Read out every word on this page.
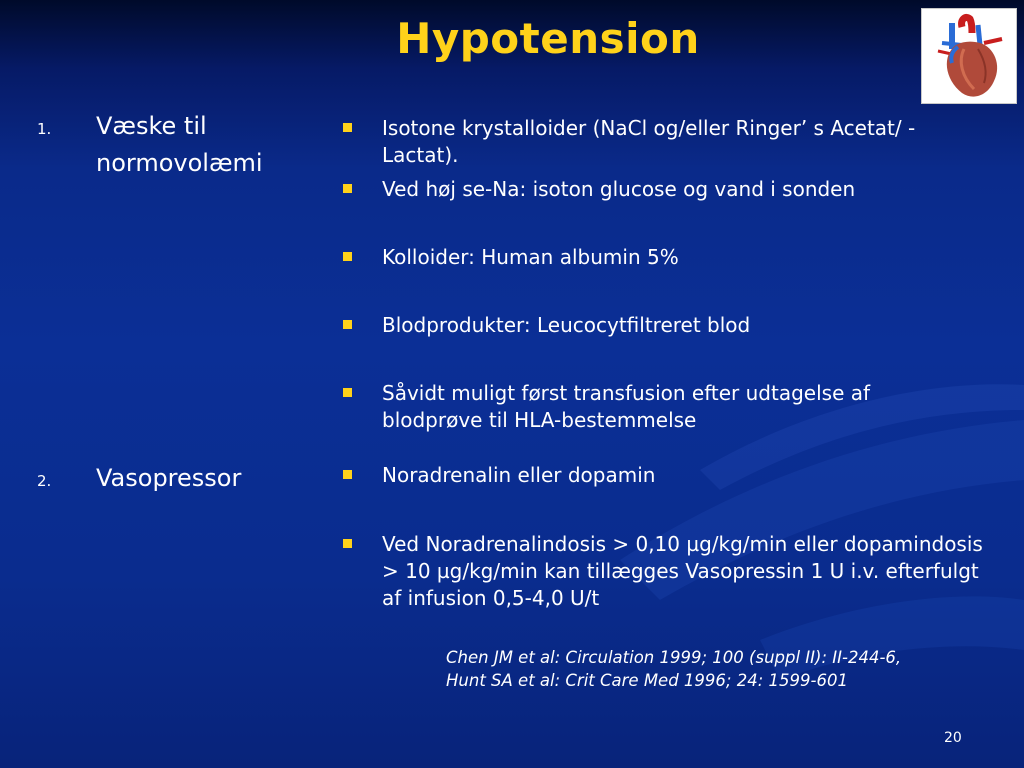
Hypotension
1. Væske til
normovolæmi
Isotone krystalloider (NaCl og/eller Ringer’ s Acetat/ -Lactat).
Ved høj se-Na: isoton glucose og vand i sonden
Kolloider: Human albumin 5%
Blodprodukter: Leucocytfiltreret blod
Såvidt muligt først transfusion efter udtagelse af blodprøve til HLA-bestemmelse
2. Vasopressor	Noradrenalin eller dopamin
Ved Noradrenalindosis > 0,10 µg/kg/min eller dopamindosis > 10 µg/kg/min kan tillægges Vasopressin 1 U i.v. efterfulgt af infusion 0,5-4,0 U/t
Chen JM et al: Circulation 1999; 100 (suppl II): II-244-6,
Hunt SA et al: Crit Care Med 1996; 24: 1599-601
20
